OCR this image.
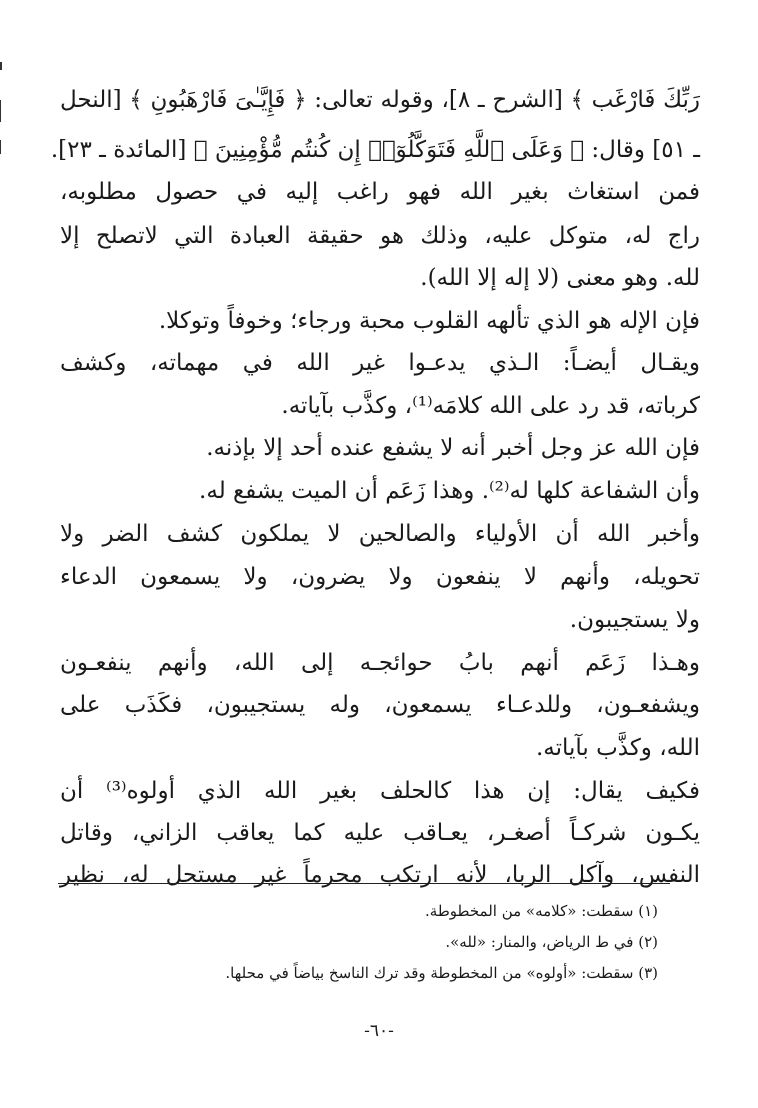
رَبِّكَ فَارْغَب ﴾ [الشرح ـ ٨]، وقوله تعالى: ﴿ فَإِيَّـٰىَ فَارْهَبُونِ ﴾ [النحل
ـ ٥١] وقال: ﴿ وَعَلَى ٱللَّهِ فَتَوَكَّلُوٓا۟ إِن كُنتُم مُّؤْمِنِينَ ﴾ [المائدة ـ ٢٣].
فمن استغاث بغير الله فهو راغب إليه في حصول مطلوبه،
راج له، متوكل عليه، وذلك هو حقيقة العبادة التي لاتصلح إلا
لله. وهو معنى (لا إله إلا الله).
فإن الإله هو الذي تألهه القلوب محبة ورجاء؛ وخوفاً وتوكلا.
ويقـال أيضـاً: الـذي يدعـوا غير الله في مهماته، وكشف
كرباته، قد رد على الله كلامَه⁽¹⁾، وكذَّب بآياته.
فإن الله عز وجل أخبر أنه لا يشفع عنده أحد إلا بإذنه.
وأن الشفاعة كلها له⁽²⁾. وهذا زَعَم أن الميت يشفع له.
وأخبر الله أن الأولياء والصالحين لا يملكون كشف الضر ولا
تحويله، وأنهم لا ينفعون ولا يضرون، ولا يسمعون الدعاء
ولا يستجيبون.
وهـذا زَعَم أنهم بابُ حوائجـه إلى الله، وأنهم ينفعـون
ويشفعـون، وللدعـاء يسمعون، وله يستجيبون، فكَذَب على
الله، وكذَّب بآياته.
فكيف يقال: إن هذا كالحلف بغير الله الذي أولوه⁽³⁾ أن
يكـون شركـاً أصغـر، يعـاقب عليه كما يعاقب الزاني، وقاتل
النفس، وآكل الربا، لأنه ارتكب محرماً غير مستحل له، نظير
(١) سقطت: «كلامه» من المخطوطة.
(٢) في ط الرياض، والمنار: «لله».
(٣) سقطت: «أولوه» من المخطوطة وقد ترك الناسخ بياضاً في محلها.
-٦٠-
